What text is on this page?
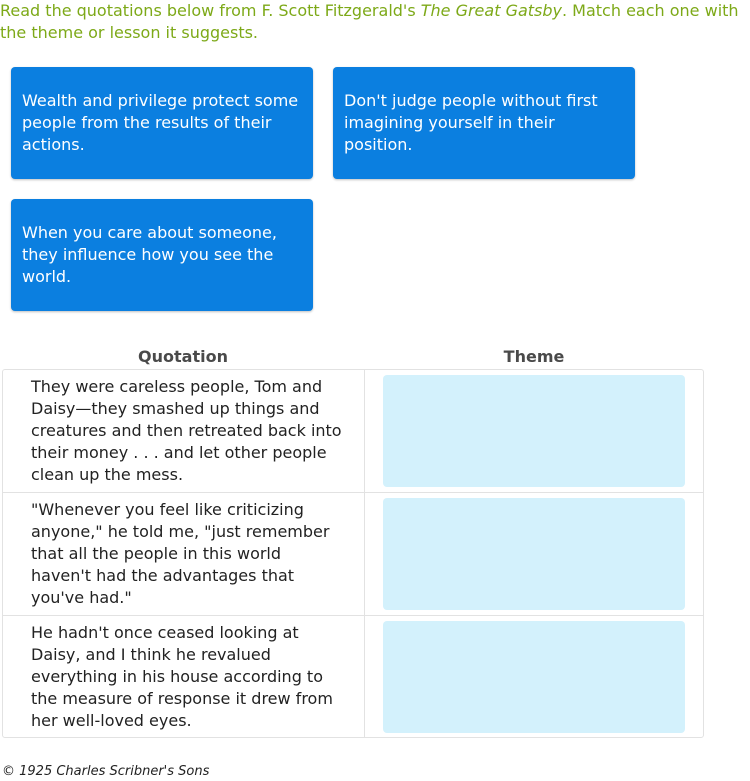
Read the quotations below from F. Scott Fitzgerald's The Great Gatsby. Match each one with the theme or lesson it suggests.
Wealth and privilege protect some people from the results of their actions.
Don't judge people without first imagining yourself in their position.
When you care about someone, they influence how you see the world.
Quotation	Theme
They were careless people, Tom and Daisy—they smashed up things and creatures and then retreated back into their money . . . and let other people clean up the mess.
"Whenever you feel like criticizing anyone," he told me, "just remember that all the people in this world haven't had the advantages that you've had."
He hadn't once ceased looking at Daisy, and I think he revalued everything in his house according to the measure of response it drew from her well-loved eyes.
© 1925 Charles Scribner's Sons
